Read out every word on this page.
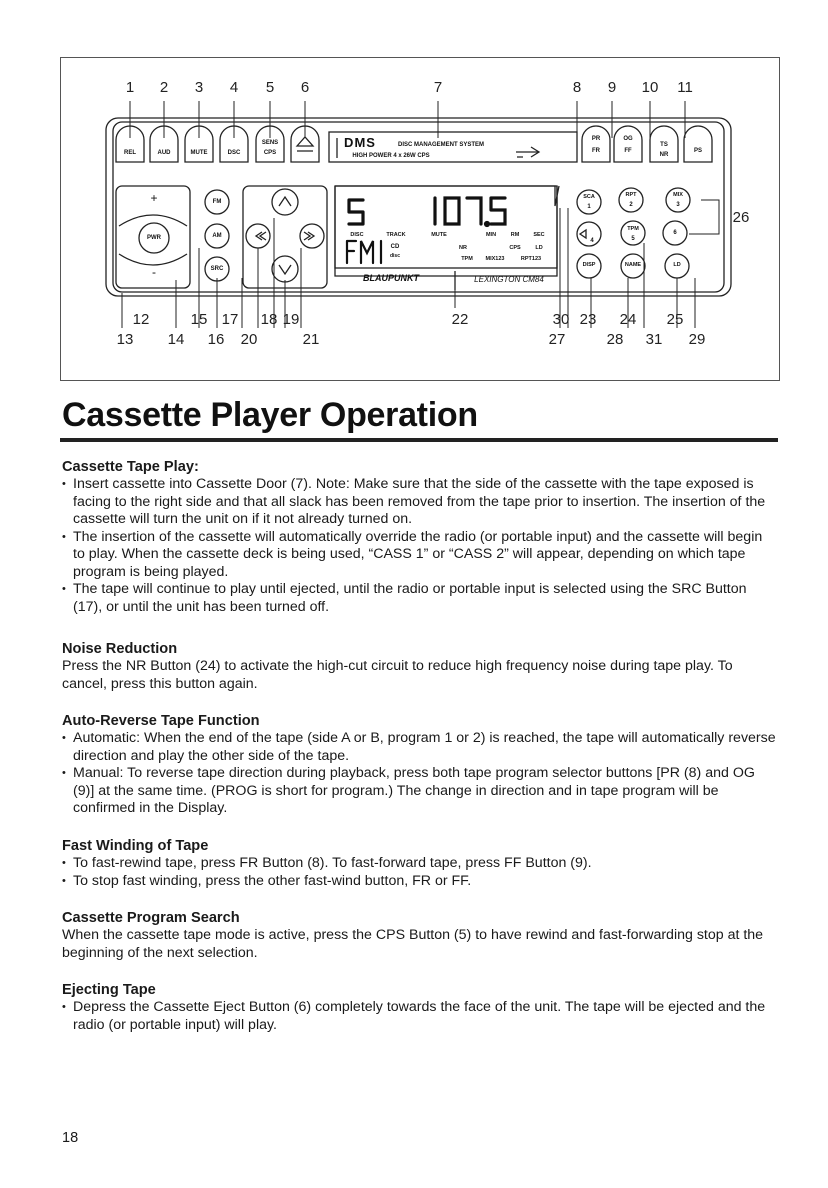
REL	AUD	MUTE	DSC
SENS
CPS
PR
FR
OG
FF
TS
NR
PS
DMS	DISC MANAGEMENT SYSTEM
HIGH POWER 4 x 26W CPS
PWR
FM
AM
SRC
+
-
DISC	TRACK	MUTE	MIN	RM	SEC
NR	CPS	LD
TPM MIX123	RPT123
CD
disc
BLAUPUNKT	LEXINGTON CM84
SCA
1
RPT
2
MIX
3
4
TPM
5
6
DISP	NAME	LD
1 2 3 4 5 6	7	8 9 10 11
26
12	15 17 18 19	22	30 23 24 25
13 14 16 20	21	27	28 31 29
Cassette Player Operation
Cassette Tape Play:
• Insert cassette into Cassette Door (7). Note: Make sure that the side of the cassette with the tape exposed is facing to the right side and that all slack has been removed from the tape prior to insertion. The insertion of the cassette will turn the unit on if it not already turned on.
• The insertion of the cassette will automatically override the radio (or portable input) and the cassette will begin to play. When the cassette deck is being used, “CASS 1” or “CASS 2” will appear, depending on which tape program is being played.
• The tape will continue to play until ejected, until the radio or portable input is selected using the SRC Button (17), or until the unit has been turned off.
Noise Reduction

Press the NR Button (24) to activate the high-cut circuit to reduce high frequency noise during tape play. To cancel, press this button again.

Auto-Reverse Tape Function
• Automatic: When the end of the tape (side A or B, program 1 or 2) is reached, the tape will automatically reverse direction and play the other side of the tape.
• Manual: To reverse tape direction during playback, press both tape program selector buttons [PR (8) and OG (9)] at the same time. (PROG is short for program.) The change in direction and in tape program will be confirmed in the Display.
Fast Winding of Tape
• To fast-rewind tape, press FR Button (8). To fast-forward tape, press FF Button (9).
• To stop fast winding, press the other fast-wind button, FR or FF.
Cassette Program Search

When the cassette tape mode is active, press the CPS Button (5) to have rewind and fast-forwarding stop at the beginning of the next selection.

Ejecting Tape
• Depress the Cassette Eject Button (6) completely towards the face of the unit. The tape will be ejected and the radio (or portable input) will play.
18
